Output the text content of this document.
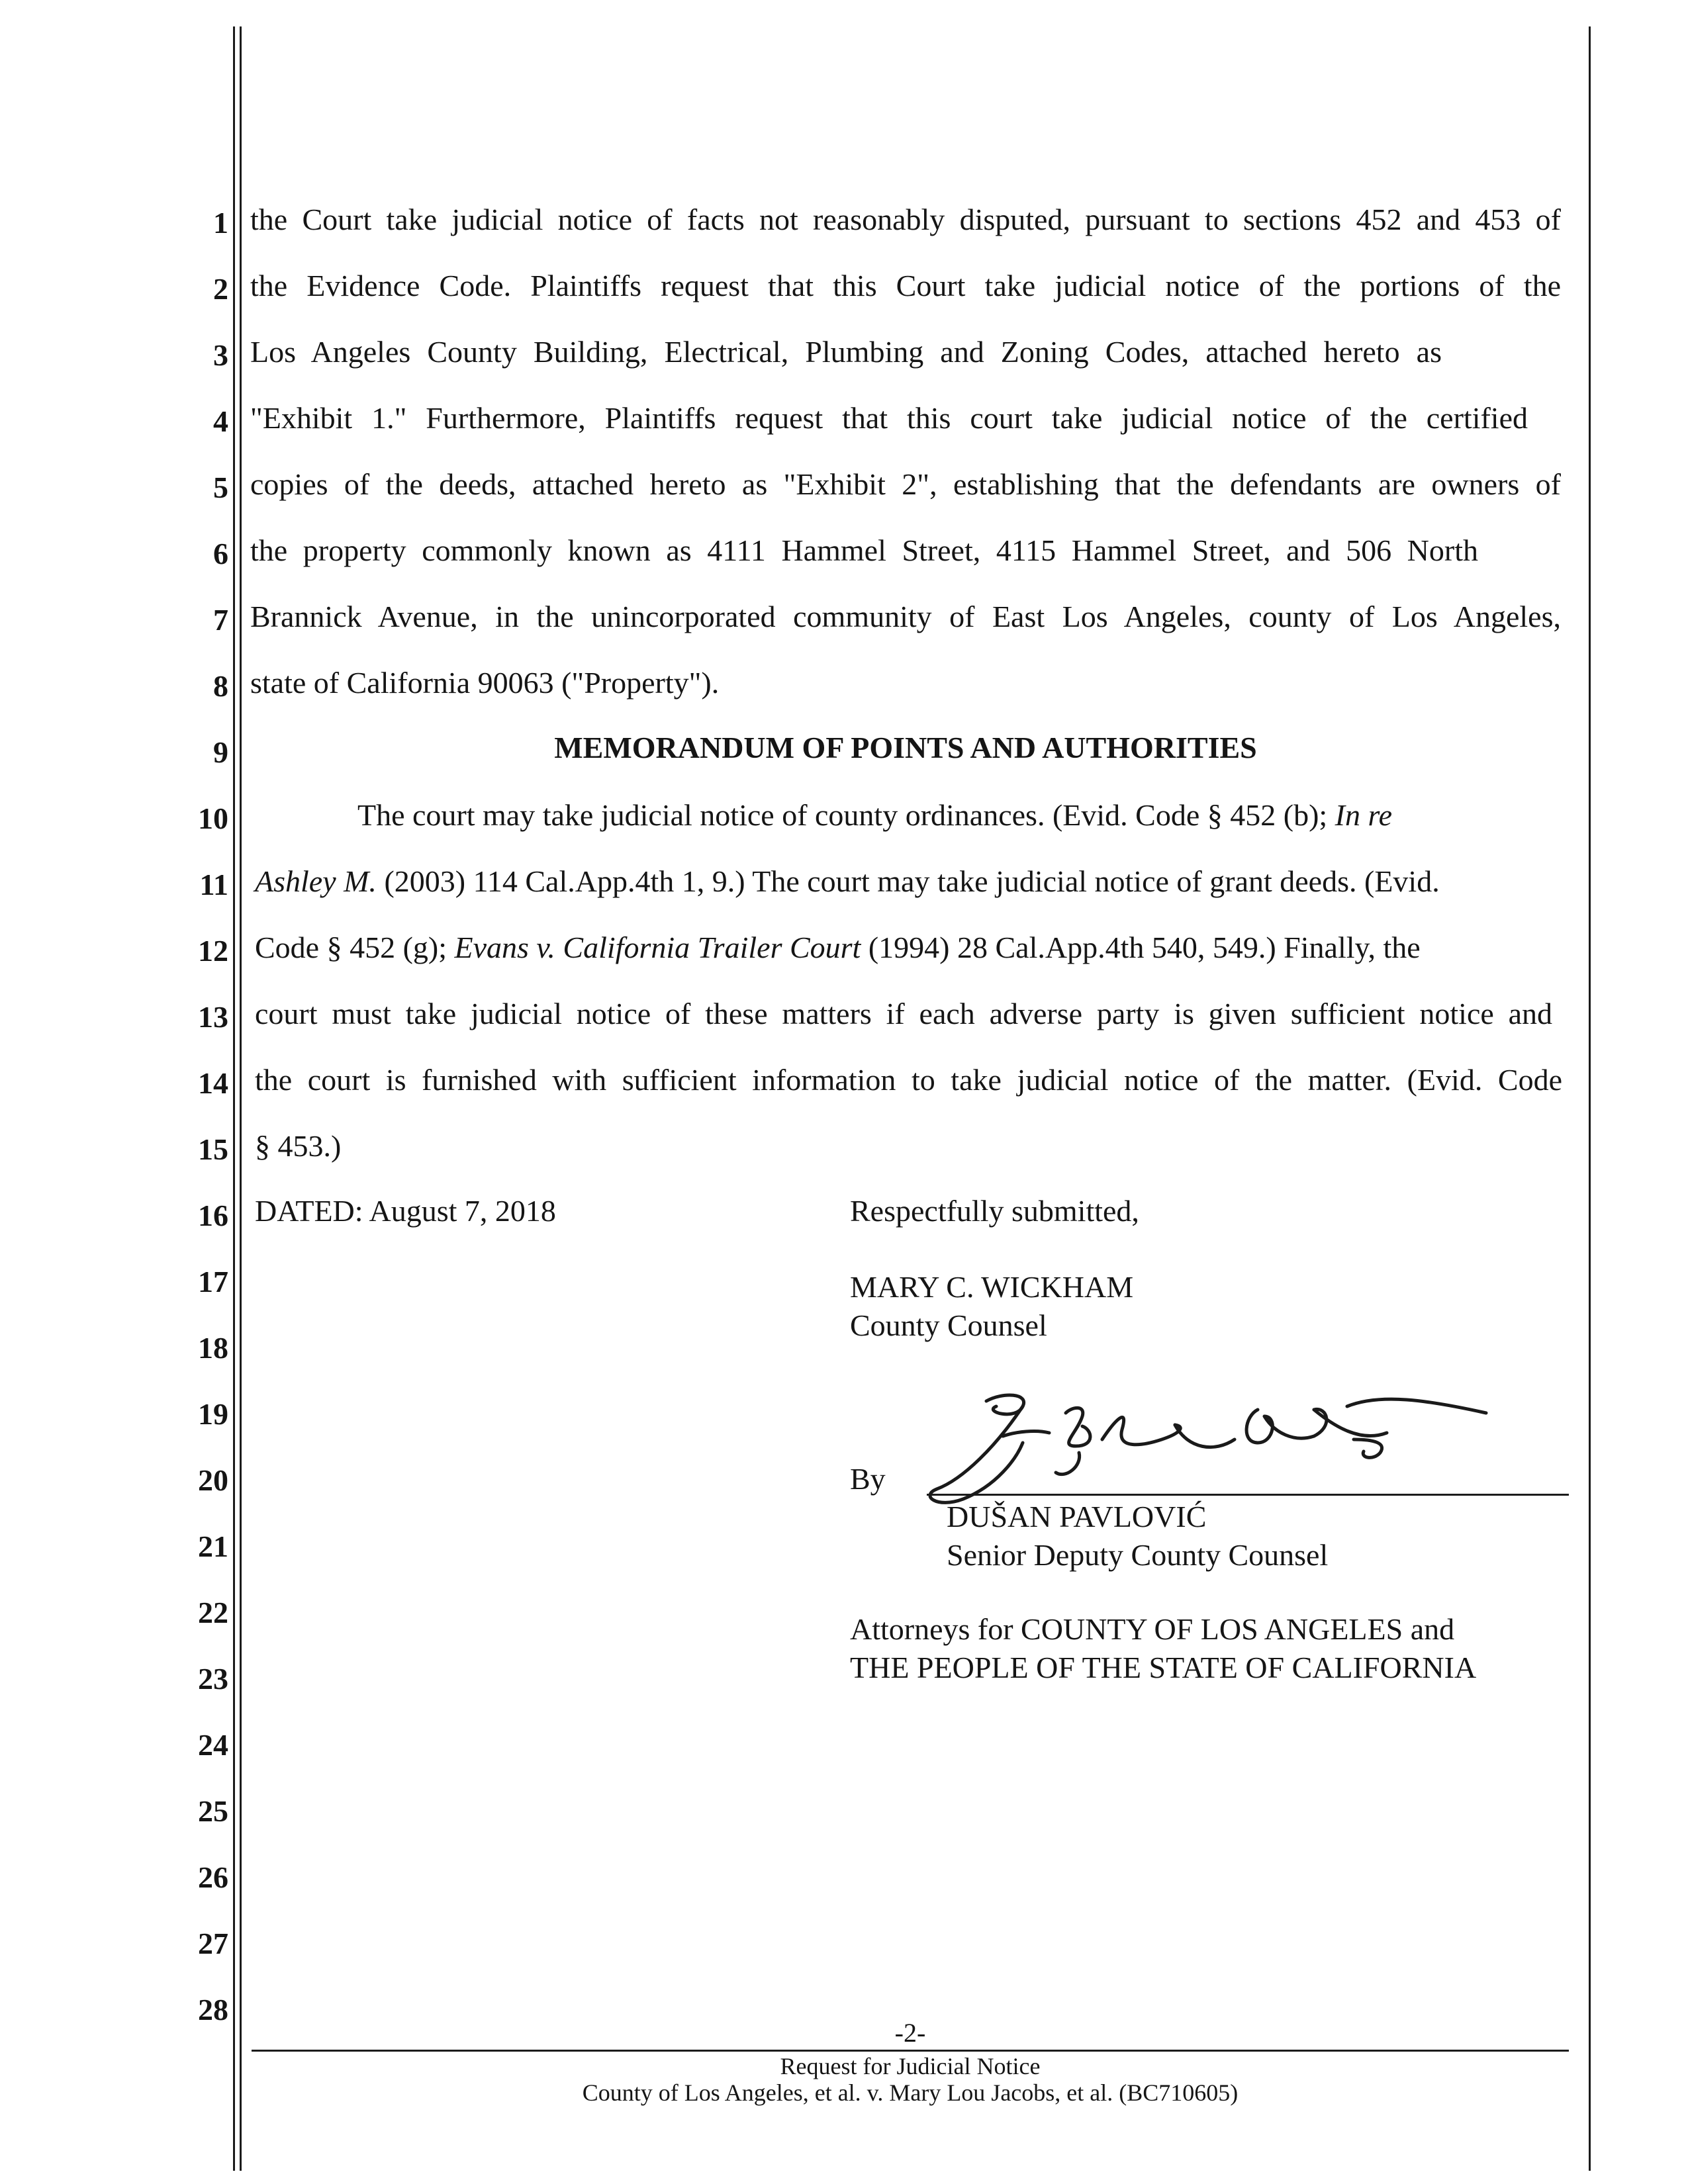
1
2
3
4
5
6
7
8
9
10
11
12
13
14
15
16
17
18
19
20
21
22
23
24
25
26
27
28
the Court take judicial notice of facts not reasonably disputed, pursuant to sections 452 and 453 of
the Evidence Code. Plaintiffs request that this Court take judicial notice of the portions of the
Los Angeles County Building, Electrical, Plumbing and Zoning Codes, attached hereto as
"Exhibit 1." Furthermore, Plaintiffs request that this court take judicial notice of the certified
copies of the deeds, attached hereto as "Exhibit 2", establishing that the defendants are owners of
the property commonly known as 4111 Hammel Street, 4115 Hammel Street, and 506 North
Brannick Avenue, in the unincorporated community of East Los Angeles, county of Los Angeles,
state of California 90063 ("Property").
MEMORANDUM OF POINTS AND AUTHORITIES
The court may take judicial notice of county ordinances. (Evid. Code § 452 (b); In re
Ashley M. (2003) 114 Cal.App.4th 1, 9.) The court may take judicial notice of grant deeds. (Evid.
Code § 452 (g); Evans v. California Trailer Court (1994) 28 Cal.App.4th 540, 549.) Finally, the
court must take judicial notice of these matters if each adverse party is given sufficient notice and
the court is furnished with sufficient information to take judicial notice of the matter. (Evid. Code
§ 453.)
DATED: August 7, 2018	Respectfully submitted,
MARY C. WICKHAM
County Counsel
By
DUŠAN PAVLOVIĆ
Senior Deputy County Counsel
Attorneys for COUNTY OF LOS ANGELES and
THE PEOPLE OF THE STATE OF CALIFORNIA
-2-
Request for Judicial Notice
County of Los Angeles, et al. v. Mary Lou Jacobs, et al. (BC710605)
